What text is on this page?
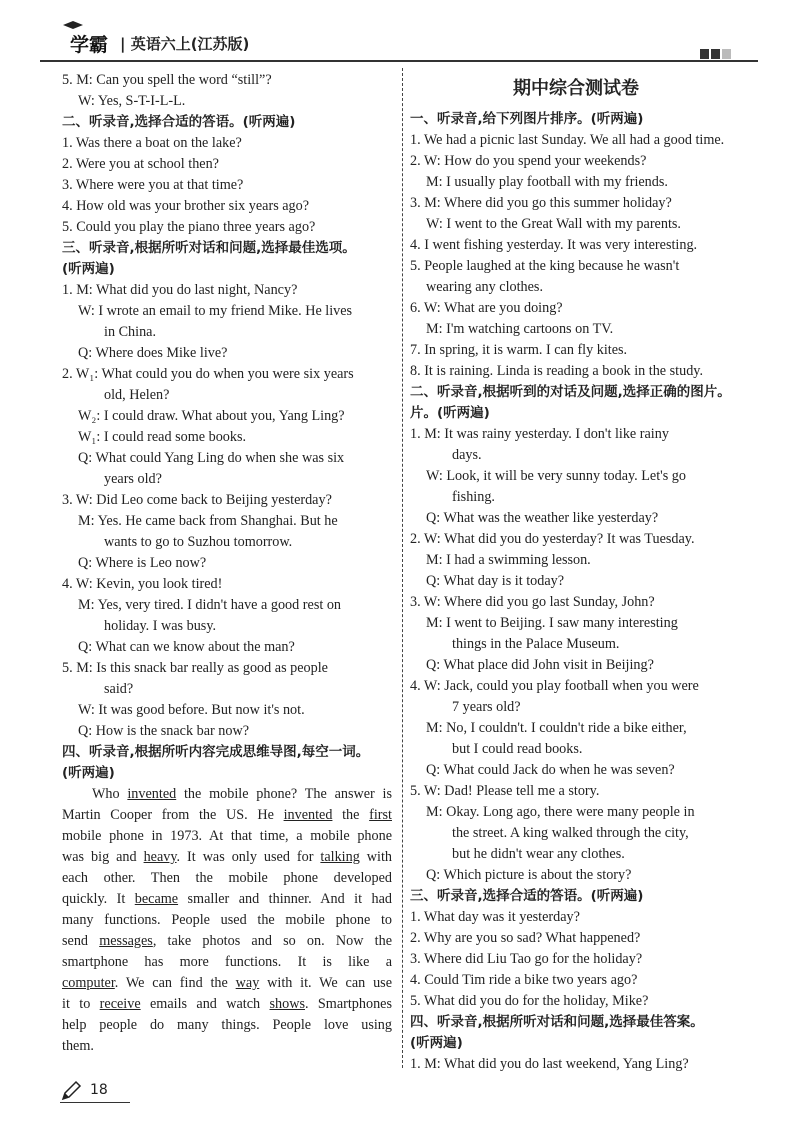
学霸 | 英语六上(江苏版)
5. M: Can you spell the word “still”?
W: Yes, S-T-I-L-L.
二、听录音,选择合适的答语。(听两遍)
1. Was there a boat on the lake?
2. Were you at school then?
3. Where were you at that time?
4. How old was your brother six years ago?
5. Could you play the piano three years ago?
三、听录音,根据所听对话和问题,选择最佳选项。
(听两遍)
1. M: What did you do last night, Nancy?
W: I wrote an email to my friend Mike. He lives
in China.
Q: Where does Mike live?
2. W₁: What could you do when you were six years
old, Helen?
W₂: I could draw. What about you, Yang Ling?
W₁: I could read some books.
Q: What could Yang Ling do when she was six
years old?
3. W: Did Leo come back to Beijing yesterday?
M: Yes. He came back from Shanghai. But he
wants to go to Suzhou tomorrow.
Q: Where is Leo now?
4. W: Kevin, you look tired!
M: Yes, very tired. I didn't have a good rest on
holiday. I was busy.
Q: What can we know about the man?
5. M: Is this snack bar really as good as people
said?
W: It was good before. But now it's not.
Q: How is the snack bar now?
四、听录音,根据所听内容完成思维导图,每空一词。
(听两遍)
Who invented the mobile phone? The answer is
Martin Cooper from the US. He invented the first
mobile phone in 1973. At that time, a mobile phone
was big and heavy. It was only used for talking with
each other. Then the mobile phone developed
quickly. It became smaller and thinner. And it had
many functions. People used the mobile phone to
send messages, take photos and so on. Now the
smartphone has more functions. It is like a
computer. We can find the way with it. We can use
it to receive emails and watch shows. Smartphones
help people do many things. People love using
them.
期中综合测试卷
一、听录音,给下列图片排序。(听两遍)
1. We had a picnic last Sunday. We all had a good time.
2. W: How do you spend your weekends?
M: I usually play football with my friends.
3. M: Where did you go this summer holiday?
W: I went to the Great Wall with my parents.
4. I went fishing yesterday. It was very interesting.
5. People laughed at the king because he wasn't
wearing any clothes.
6. W: What are you doing?
M: I'm watching cartoons on TV.
7. In spring, it is warm. I can fly kites.
8. It is raining. Linda is reading a book in the study.
二、听录音,根据听到的对话及问题,选择正确的图片。
片。(听两遍)
1. M: It was rainy yesterday. I don't like rainy
days.
W: Look, it will be very sunny today. Let's go
fishing.
Q: What was the weather like yesterday?
2. W: What did you do yesterday? It was Tuesday.
M: I had a swimming lesson.
Q: What day is it today?
3. W: Where did you go last Sunday, John?
M: I went to Beijing. I saw many interesting
things in the Palace Museum.
Q: What place did John visit in Beijing?
4. W: Jack, could you play football when you were
7 years old?
M: No, I couldn't. I couldn't ride a bike either,
but I could read books.
Q: What could Jack do when he was seven?
5. W: Dad! Please tell me a story.
M: Okay. Long ago, there were many people in
the street. A king walked through the city,
but he didn't wear any clothes.
Q: Which picture is about the story?
三、听录音,选择合适的答语。(听两遍)
1. What day was it yesterday?
2. Why are you so sad? What happened?
3. Where did Liu Tao go for the holiday?
4. Could Tim ride a bike two years ago?
5. What did you do for the holiday, Mike?
四、听录音,根据所听对话和问题,选择最佳答案。
(听两遍)
1. M: What did you do last weekend, Yang Ling?
18
